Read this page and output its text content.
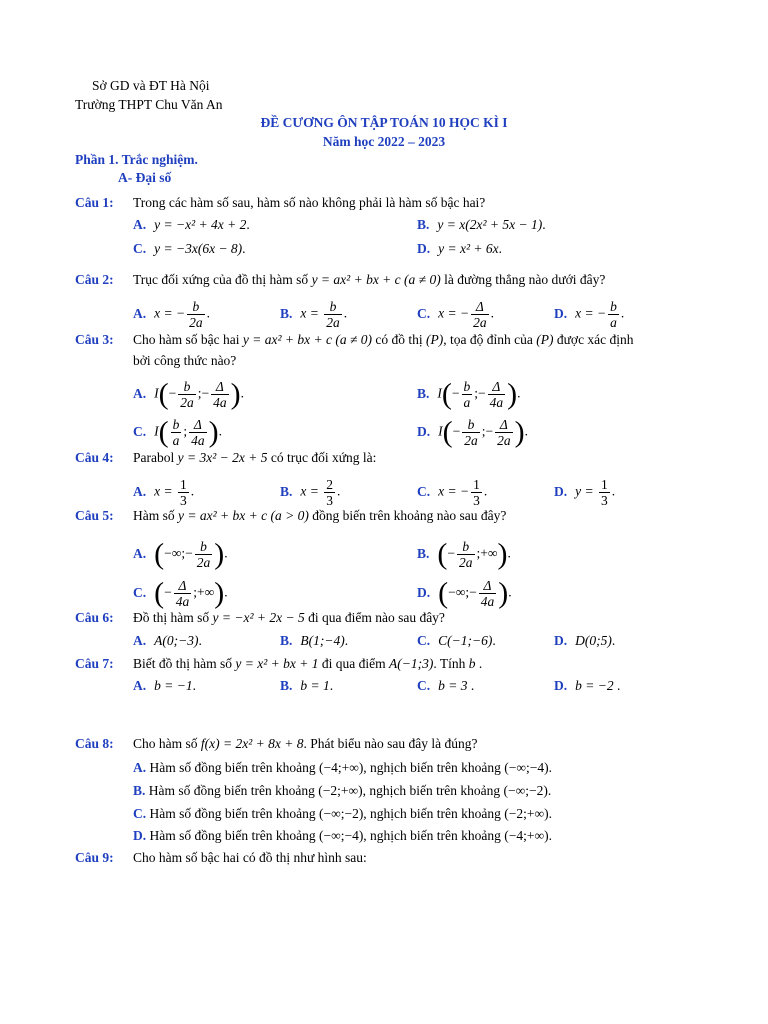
Sở GD và ĐT Hà Nội
Trường THPT Chu Văn An
ĐỀ CƯƠNG ÔN TẬP TOÁN 10 HỌC KÌ I
Năm học 2022 – 2023
Phần 1. Trắc nghiệm.
A- Đại số
Câu 1: Trong các hàm số sau, hàm số nào không phải là hàm số bậc hai?
A. y = −x² + 4x + 2.	B. y = x(2x² + 5x − 1).
C. y = −3x(6x − 8).	D. y = x² + 6x.
Câu 2: Trục đối xứng của đồ thị hàm số y = ax² + bx + c (a ≠ 0) là đường thẳng nào dưới đây?
A. x = − $\frac{b}{2a}$ .	B. $x = \frac{b}{2a}$ .	C. x = − $\frac{\Delta}{2a}$ .	D. x = − $\frac{b}{a}$ .
Câu 3: Cho hàm số bậc hai y = ax² + bx + c (a ≠ 0) có đồ thị (P), tọa độ đỉnh của (P) được xác định
bởi công thức nào?
A. $I(- \frac{b}{2a}$ ;− $\frac{\Delta}{4a}$ ).	B. $I(- \frac{b}{a}$ ;− $\frac{\Delta}{4a}$ ).
C. $I( \frac{b}{a}$ ; $\frac{\Delta}{4a}$ ).	D. $I(- \frac{b}{2a}$ ;− $\frac{\Delta}{2a}$ ).
Câu 4: Parabol y = 3x² − 2x + 5 có trục đối xứng là:
A. $x = \frac{1}{3}$ .	B. $x = \frac{2}{3}$ .	C. x = − $\frac{1}{3}$ .	D. $y = \frac{1}{3}$ .
Câu 5: Hàm số y = ax² + bx + c (a > 0) đồng biến trên khoảng nào sau đây?
A. (−∞;− $\frac{b}{2a}$ ).	B. (− $\frac{b}{2a}$ ;+∞).
C. (− $\frac{\Delta}{4a}$ ;+∞).	D. (−∞;− $\frac{\Delta}{4a}$ ).
Câu 6: Đồ thị hàm số y = −x² + 2x − 5 đi qua điểm nào sau đây?
A. A(0;−3).	B. B(1;−4).	C. C(−1;−6).	D. D(0;5).
Câu 7: Biết đồ thị hàm số y = x² + bx + 1 đi qua điểm A(−1;3). Tính b .
A. b = −1.	B. b = 1.	C. b = 3 .	D. b = −2 .
Câu 8: Cho hàm số f(x) = 2x² + 8x + 8. Phát biểu nào sau đây là đúng?
A. Hàm số đồng biến trên khoảng (−4;+∞), nghịch biến trên khoảng (−∞;−4).
B. Hàm số đồng biến trên khoảng (−2;+∞), nghịch biến trên khoảng (−∞;−2).
C. Hàm số đồng biến trên khoảng (−∞;−2), nghịch biến trên khoảng (−2;+∞).
D. Hàm số đồng biến trên khoảng (−∞;−4), nghịch biến trên khoảng (−4;+∞).
Câu 9: Cho hàm số bậc hai có đồ thị như hình sau:
